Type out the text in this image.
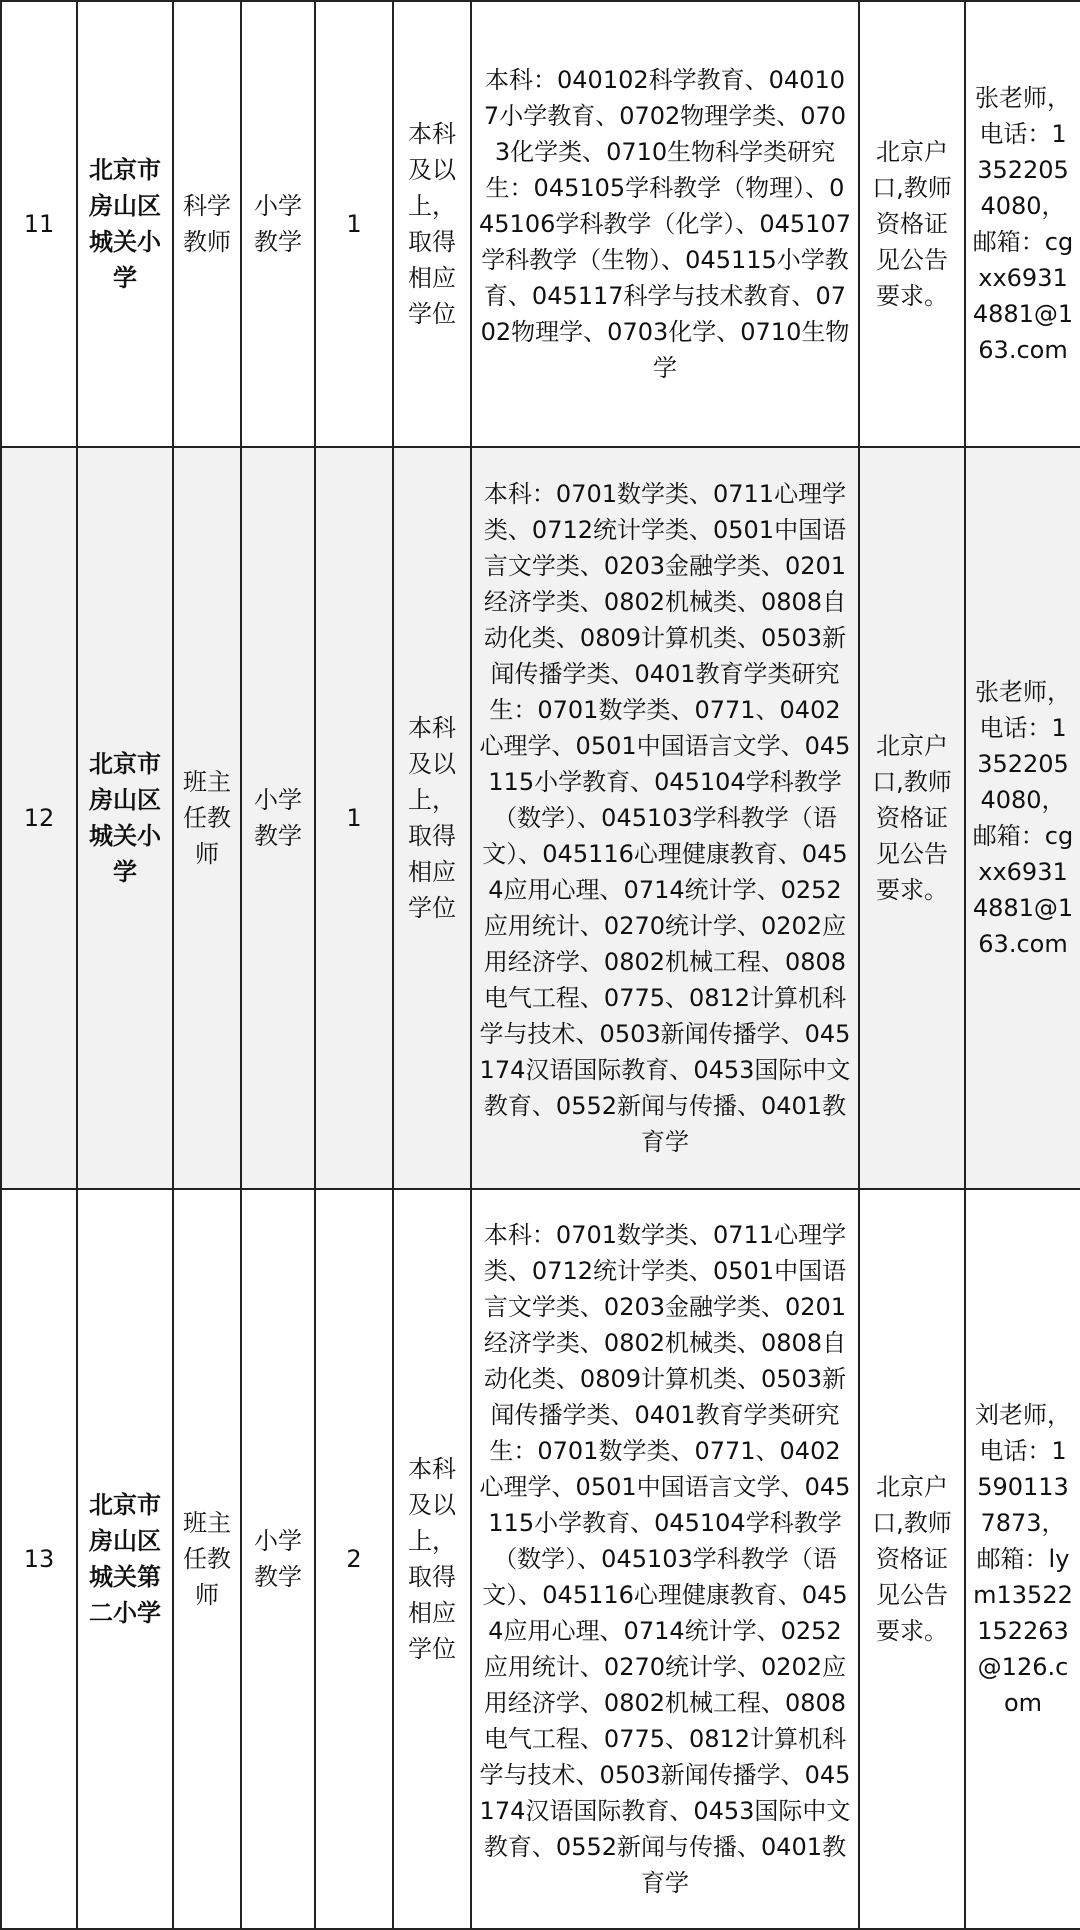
11	北京市房山区城关小学	科学教师	小学教学	1	本科及以上，取得相应学位	本科：040102科学教育、040107小学教育、0702物理学类、0703化学类、0710生物科学类研究生：045105学科教学（物理）、045106学科教学（化学）、045107学科教学（生物）、045115小学教育、045117科学与技术教育、0702物理学、0703化学、0710生物学	北京户口,教师资格证见公告要求。	张老师，电话：13522054080，邮箱：cgxx69314881@163.com
12	北京市房山区城关小学	班主任教师	小学教学	1	本科及以上，取得相应学位	本科：0701数学类、0711心理学类、0712统计学类、0501中国语言文学类、0203金融学类、0201经济学类、0802机械类、0808自动化类、0809计算机类、0503新闻传播学类、0401教育学类研究生：0701数学类、0771、0402心理学、0501中国语言文学、045115小学教育、045104学科教学（数学）、045103学科教学（语文）、045116心理健康教育、0454应用心理、0714统计学、0252应用统计、0270统计学、0202应用经济学、0802机械工程、0808电气工程、0775、0812计算机科学与技术、0503新闻传播学、045174汉语国际教育、0453国际中文教育、0552新闻与传播、0401教育学	北京户口,教师资格证见公告要求。	张老师，电话：13522054080，邮箱：cgxx69314881@163.com
13	北京市房山区城关第二小学	班主任教师	小学教学	2	本科及以上，取得相应学位	本科：0701数学类、0711心理学类、0712统计学类、0501中国语言文学类、0203金融学类、0201经济学类、0802机械类、0808自动化类、0809计算机类、0503新闻传播学类、0401教育学类研究生：0701数学类、0771、0402心理学、0501中国语言文学、045115小学教育、045104学科教学（数学）、045103学科教学（语文）、045116心理健康教育、0454应用心理、0714统计学、0252应用统计、0270统计学、0202应用经济学、0802机械工程、0808电气工程、0775、0812计算机科学与技术、0503新闻传播学、045174汉语国际教育、0453国际中文教育、0552新闻与传播、0401教育学	北京户口,教师资格证见公告要求。	刘老师，电话：15901137873，邮箱：lym13522152263@126.com
